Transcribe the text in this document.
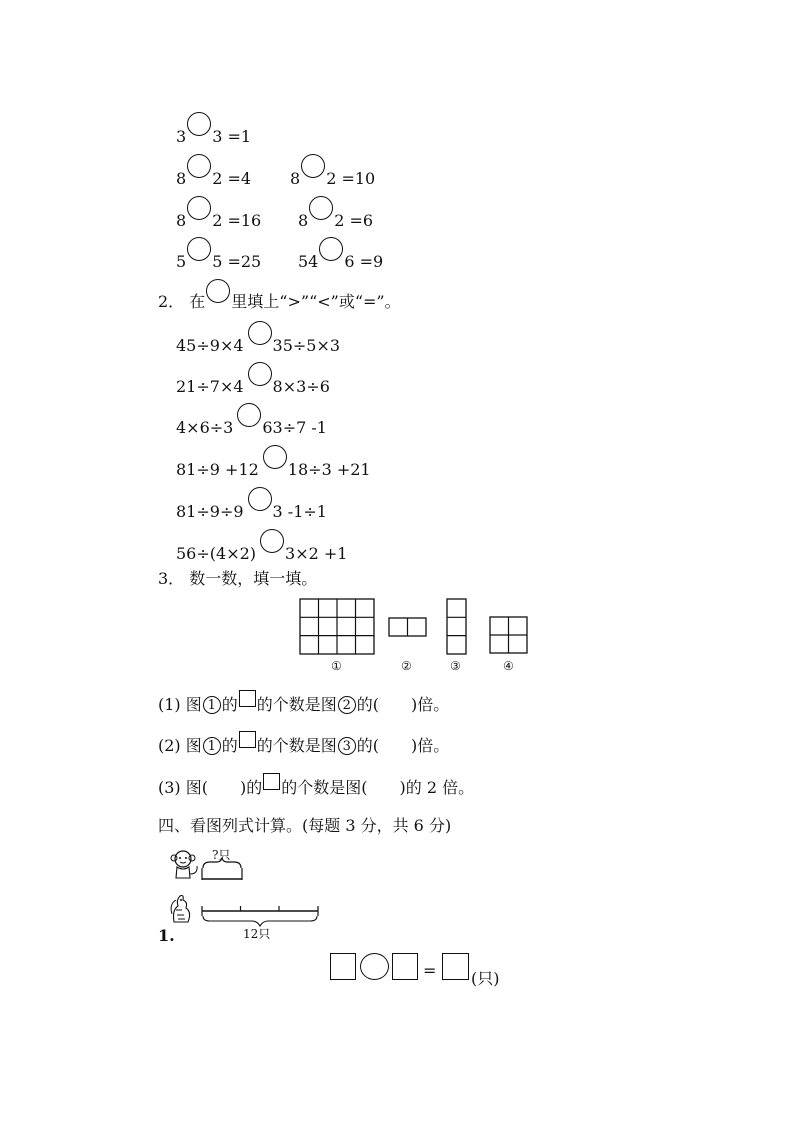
3 3 =1
8 2 =4 8 2 =10
8 2 =16 8 2 =6
5 5 =25 54 6 =9
2． 在 里填上“>”“<”或“=”。
45÷9×4 35÷5×3
21÷7×4 8×3÷6
4×6÷3 63÷7 -1
81÷9 +12 18÷3 +21
81÷9÷9 3 -1÷1
56÷(4×2) 3×2 +1
3． 数一数，填一填。
①	②	③	④
(1) 图 1 的 的个数是图 2 的(　　)倍。
(2) 图 1 的 的个数是图 3 的(　　)倍。
(3) 图(　　)的 的个数是图(　　)的 2 倍。
四、看图列式计算。(每题 3 分，共 6 分)
?只
12只
1.
= (只)
